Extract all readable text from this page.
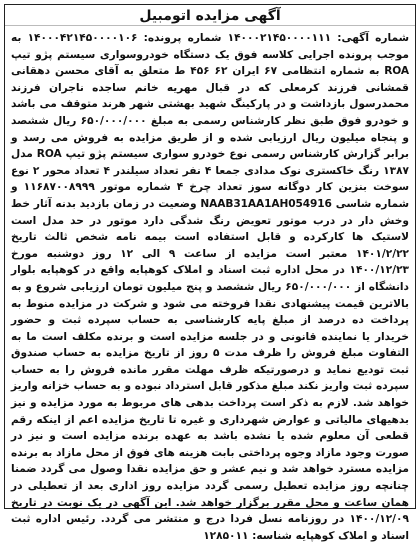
آگهی مزایده اتومبیل

شماره آگهی: ۱۴۰۰۰۲۱۴۵۰۰۰۰۱۱۱ شماره پرونده: ۱۴۰۰۰۴۲۱۴۵۰۰۰۰۱۰۶ به موجب پرونده اجرایی کلاسه فوق یک دستگاه خودروسواری سیستم پژو تیپ ROA به شماره انتظامی ۶۷ ایران ۶۲ ۴۵۶ ط متعلق به آقای محسن دهقانی قمشانی فرزند کرمعلی که در قبال مهریه خانم ساجده ناجران فرزند محمدرسول بازداشت و در پارکینگ شهید بهشتی شهر هرند متوقف می باشد و خودرو فوق طبق نظر کارشناس رسمی به مبلغ ۶۵۰/۰۰۰/۰۰۰ ریال ششصد و پنجاه میلیون ریال ارزیابی شده و از طریق مزایده به فروش می رسد و برابر گزارش کارشناس رسمی نوع خودرو سواری سیستم پژو تیپ ROA مدل ۱۳۸۷ رنگ خاکستری نوک مدادی جمعا ۴ نفر تعداد سیلندر ۴ تعداد محور ۲ نوع سوخت بنزین کار دوگانه سوز تعداد چرخ ۴ شماره موتور ۱۱۶۸۷۰۰۸۹۹۹ و شماره شاسی NAAB31AA1AH054916 وضعیت در زمان بازدید بدنه آثار خط وخش دار در درب موتور تعویض رنگ شدگی دارد موتور در حد مدل است لاستیک ها کارکرده و قابل استفاده است بیمه نامه شخص ثالث تاریخ ۱۴۰۱/۲/۲۲ معتبر است مزایده از ساعت ۹ الی ۱۲ روز دوشنبه مورخ ۱۴۰۰/۱۲/۲۳ در محل اداره ثبت اسناد و املاک کوهپایه واقع در کوهپایه بلوار دانشگاه از ۶۵۰/۰۰۰/۰۰۰ ریال ششصد و پنج میلیون تومان ارزیابی شروع و به بالاترین قیمت پیشنهادی نقدا فروخته می شود و شرکت در مزایده منوط به پرداخت ده درصد از مبلغ پایه کارشناسی به حساب سپرده ثبت و حضور خریدار یا نماینده قانونی و در جلسه مزایده است و برنده مکلف است ما به التفاوت مبلغ فروش را ظرف مدت ۵ روز از تاریخ مزایده به حساب صندوق ثبت تودیع نماید و درصورتیکه ظرف مهلت مقرر مانده فروش را به حساب سپرده ثبت واریز نکند مبلغ مذکور قابل استرداد نبوده و به حساب خزانه واریز خواهد شد. لازم به ذکر است پرداخت بدهی های مربوط به مورد مزایده و نیز بدهیهای مالیاتی و عوارض شهرداری و غیره تا تاریخ مزایده اعم از اینکه رقم قطعی آن معلوم شده یا نشده باشد به عهده برنده مزایده است و نیز در صورت وجود مازاد وجوه پرداختی بابت هزینه های فوق از محل مازاد به برنده مزایده مسترد خواهد شد و نیم عشر و حق مزایده نقدا وصول می گردد ضمنا چنانچه روز مزایده تعطیل رسمی گردد مزایده روز اداری بعد از تعطیلی در همان ساعت و محل مقرر برگزار خواهد شد. این آگهی در یک نوبت در تاریخ ۱۴۰۰/۱۲/۰۹ در روزنامه نسل فردا درج و منتشر می گردد. رئیس اداره ثبت اسناد و املاک کوهپایه شناسه: ۱۲۸۵۰۱۱
